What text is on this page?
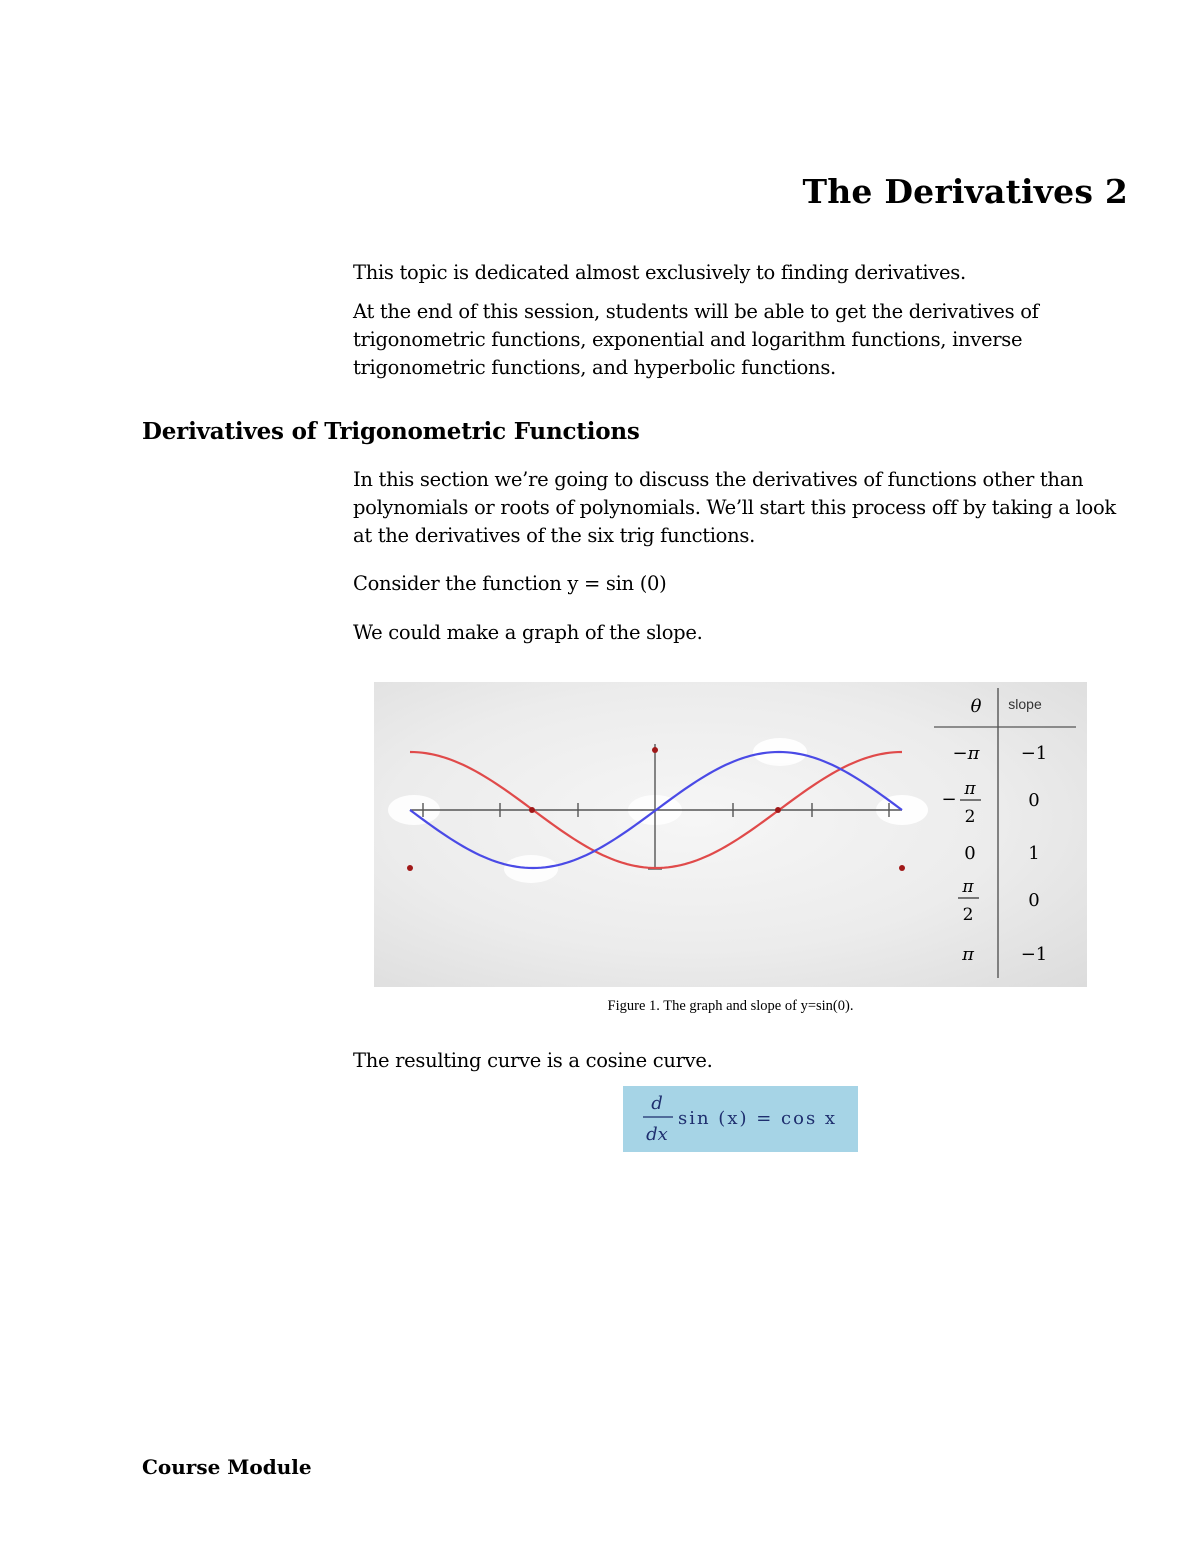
The Derivatives 2
This topic is dedicated almost exclusively to finding derivatives.
At the end of this session, students will be able to get the derivatives of trigonometric functions, exponential and logarithm functions, inverse trigonometric functions, and hyperbolic functions.
Derivatives of Trigonometric Functions
In this section we’re going to discuss the derivatives of functions other than polynomials or roots of polynomials. We’ll start this process off by taking a look at the derivatives of the six trig functions.
Consider the function y = sin (0)
We could make a graph of the slope.
θ slope
−π −1
− π
2
0
0	1
π
2
0
π	−1
Figure 1. The graph and slope of y=sin(0).
The resulting curve is a cosine curve.
d
dx
sin (x) = cos x
Course Module
